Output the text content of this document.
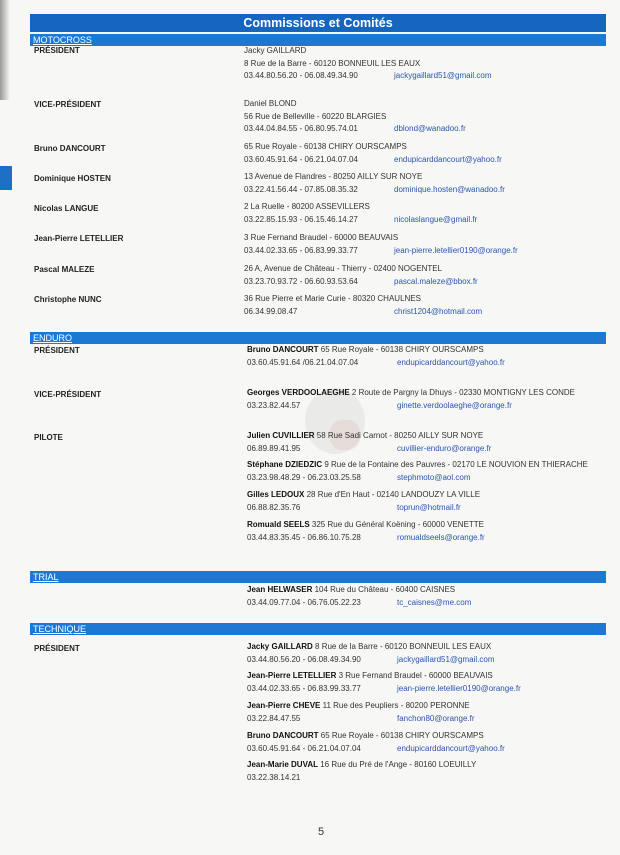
Commissions et Comités
MOTOCROSS
PRÉSIDENT	Jacky GAILLARD
8 Rue de la Barre - 60120 BONNEUIL LES EAUX
03.44.80.56.20 - 06.08.49.34.90	jackygaillard51@gmail.com
VICE-PRÉSIDENT	Daniel BLOND
56 Rue de Belleville - 60220 BLARGIES
03.44.04.84.55 - 06.80.95.74.01	dblond@wanadoo.fr
Bruno DANCOURT	65 Rue Royale - 60138 CHIRY OURSCAMPS
03.60.45.91.64 - 06.21.04.07.04	endupicarddancourt@yahoo.fr
Dominique HOSTEN	13 Avenue de Flandres - 80250 AILLY SUR NOYE
03.22.41.56.44 - 07.85.08.35.32	dominique.hosten@wanadoo.fr
Nicolas LANGUE	2 La Ruelle - 80200 ASSEVILLERS
03.22.85.15.93 - 06.15.46.14.27	nicolaslangue@gmail.fr
Jean-Pierre LETELLIER	3 Rue Fernand Braudel - 60000 BEAUVAIS
03.44.02.33.65 - 06.83.99.33.77	jean-pierre.letellier0190@orange.fr
Pascal MALEZE	26 A, Avenue de Château - Thierry - 02400 NOGENTEL
03.23.70.93.72 - 06.60.93.53.64	pascal.maleze@bbox.fr
Christophe NUNC	36 Rue Pierre et Marie Curie - 80320 CHAULNES
06.34.99.08.47	christ1204@hotmail.com
ENDURO
PRÉSIDENT	Bruno DANCOURT 65 Rue Royale - 60138 CHIRY OURSCAMPS
03.60.45.91.64 /06.21.04.07.04	endupicarddancourt@yahoo.fr
VICE-PRÉSIDENT	Georges VERDOOLAEGHE 2 Route de Pargny la Dhuys - 02330 MONTIGNY LES CONDE
03.23.82.44.57	ginette.verdoolaeghe@orange.fr
PILOTE	Julien CUVILLIER 58 Rue Sadi Carnot - 80250 AILLY SUR NOYE
06.89.89.41.95	cuvillier-enduro@orange.fr
Stéphane DZIEDZIC 9 Rue de la Fontaine des Pauvres - 02170 LE NOUVION EN THIERACHE
03.23.98.48.29 - 06.23.03.25.58	stephmoto@aol.com
Gilles LEDOUX 28 Rue d'En Haut - 02140 LANDOUZY LA VILLE
06.88.82.35.76	toprun@hotmail.fr
Romuald SEELS 325 Rue du Général Koëning - 60000 VENETTE
03.44.83.35.45 - 06.86.10.75.28	romualdseels@orange.fr
TRIAL
Jean HELWASER 104 Rue du Château - 60400 CAISNES
03.44.09.77.04 - 06.76.05.22.23	tc_caisnes@me.com
TECHNIQUE
PRÉSIDENT	Jacky GAILLARD 8 Rue de la Barre - 60120 BONNEUIL LES EAUX
03.44.80.56.20 - 06.08.49.34.90	jackygaillard51@gmail.com
Jean-Pierre LETELLIER 3 Rue Fernand Braudel - 60000 BEAUVAIS
03.44.02.33.65 - 06.83.99.33.77	jean-pierre.letellier0190@orange.fr
Jean-Pierre CHEVE 11 Rue des Peupliers - 80200 PERONNE
03.22.84.47.55	fanchon80@orange.fr
Bruno DANCOURT 65 Rue Royale - 60138 CHIRY OURSCAMPS
03.60.45.91.64 - 06.21.04.07.04	endupicarddancourt@yahoo.fr
Jean-Marie DUVAL 16 Rue du Pré de l'Ange - 80160 LOEUILLY
03.22.38.14.21
5
